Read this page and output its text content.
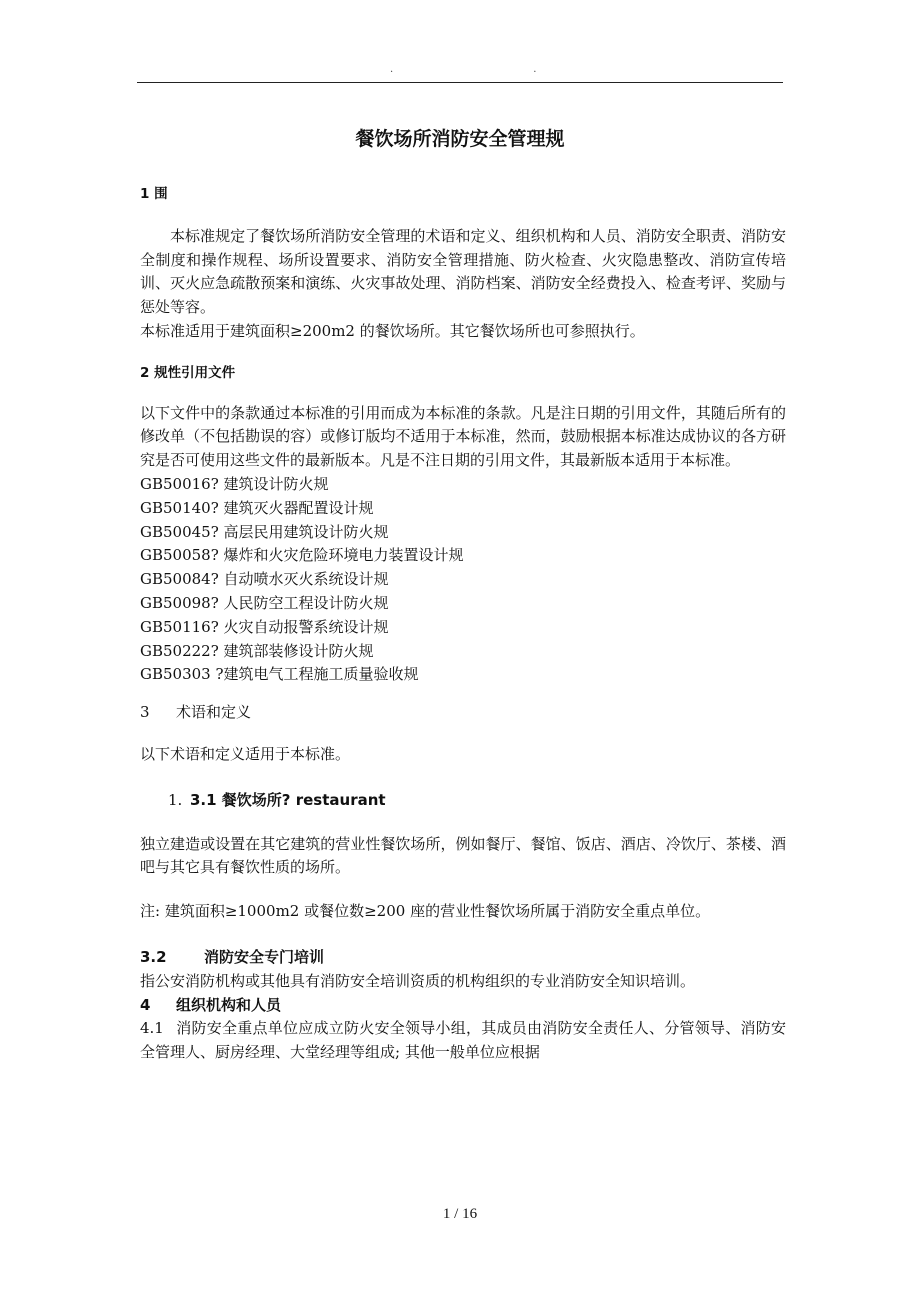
..
餐饮场所消防安全管理规
1 围

本标准规定了餐饮场所消防安全管理的术语和定义、组织机构和人员、消防安全职责、消防安全制度和操作规程、场所设置要求、消防安全管理措施、防火检查、火灾隐患整改、消防宣传培训、灭火应急疏散预案和演练、火灾事故处理、消防档案、消防安全经费投入、检查考评、奖励与惩处等容。

本标准适用于建筑面积≥200m2 的餐饮场所。其它餐饮场所也可参照执行。

2 规性引用文件

以下文件中的条款通过本标准的引用而成为本标准的条款。凡是注日期的引用文件，其随后所有的修改单（不包括勘误的容）或修订版均不适用于本标准，然而，鼓励根据本标准达成协议的各方研究是否可使用这些文件的最新版本。凡是不注日期的引用文件，其最新版本适用于本标准。

GB50016? 建筑设计防火规
GB50140? 建筑灭火器配置设计规
GB50045? 高层民用建筑设计防火规
GB50058? 爆炸和火灾危险环境电力装置设计规
GB50084? 自动喷水灭火系统设计规
GB50098? 人民防空工程设计防火规
GB50116? 火灾自动报警系统设计规
GB50222? 建筑部装修设计防火规
GB50303 ?建筑电气工程施工质量验收规
3 术语和定义

以下术语和定义适用于本标准。

1. 3.1 餐饮场所? restaurant

独立建造或设置在其它建筑的营业性餐饮场所，例如餐厅、餐馆、饭店、酒店、冷饮厅、茶楼、酒吧与其它具有餐饮性质的场所。

注: 建筑面积≥1000m2 或餐位数≥200 座的营业性餐饮场所属于消防安全重点单位。

3.2 消防安全专门培训

指公安消防机构或其他具有消防安全培训资质的机构组织的专业消防安全知识培训。

4 组织机构和人员

4.1 消防安全重点单位应成立防火安全领导小组，其成员由消防安全责任人、分管领导、消防安全管理人、厨房经理、大堂经理等组成; 其他一般单位应根据

1 / 16
